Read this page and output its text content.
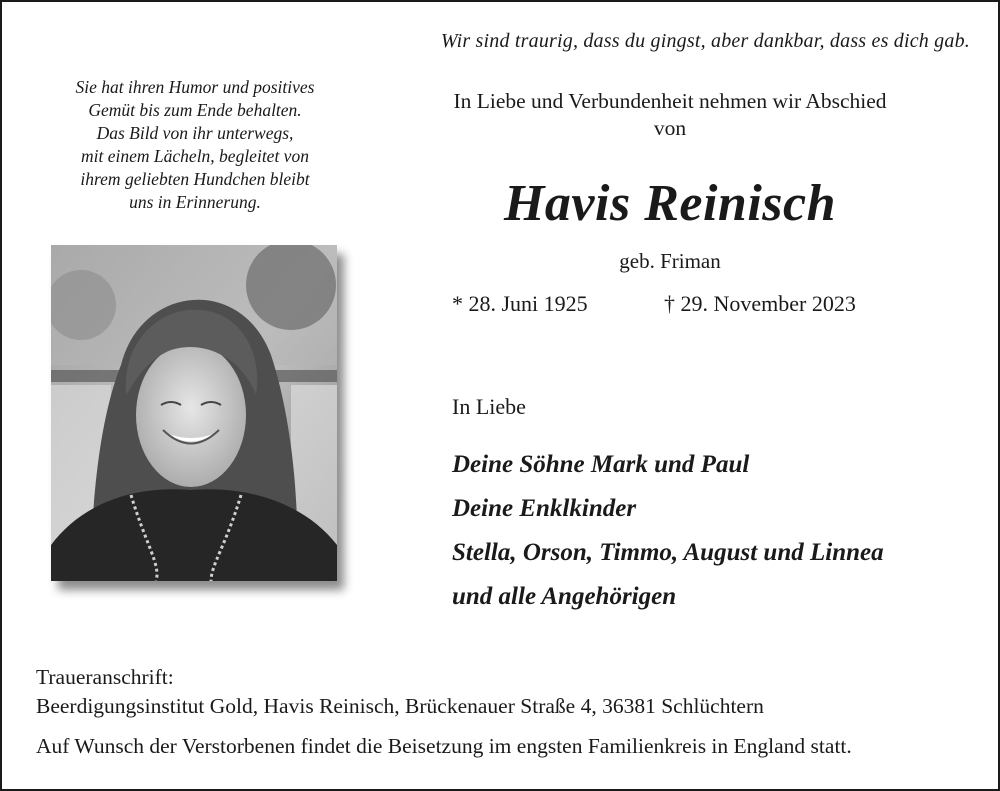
Wir sind traurig, dass du gingst, aber dankbar, dass es dich gab.

Sie hat ihren Humor und positives
Gemüt bis zum Ende behalten.
Das Bild von ihr unterwegs,
mit einem Lächeln, begleitet von
ihrem geliebten Hundchen bleibt
uns in Erinnerung.
In Liebe und Verbundenheit nehmen wir Abschied
von
Havis Reinisch
geb. Friman
* 28. Juni 1925	† 29. November 2023
In Liebe
Deine Söhne Mark und Paul
Deine Enklkinder
Stella, Orson, Timmo, August und Linnea
und alle Angehörigen
Traueranschrift:
Beerdigungsinstitut Gold, Havis Reinisch, Brückenauer Straße 4, 36381 Schlüchtern
Auf Wunsch der Verstorbenen findet die Beisetzung im engsten Familienkreis in England statt.
